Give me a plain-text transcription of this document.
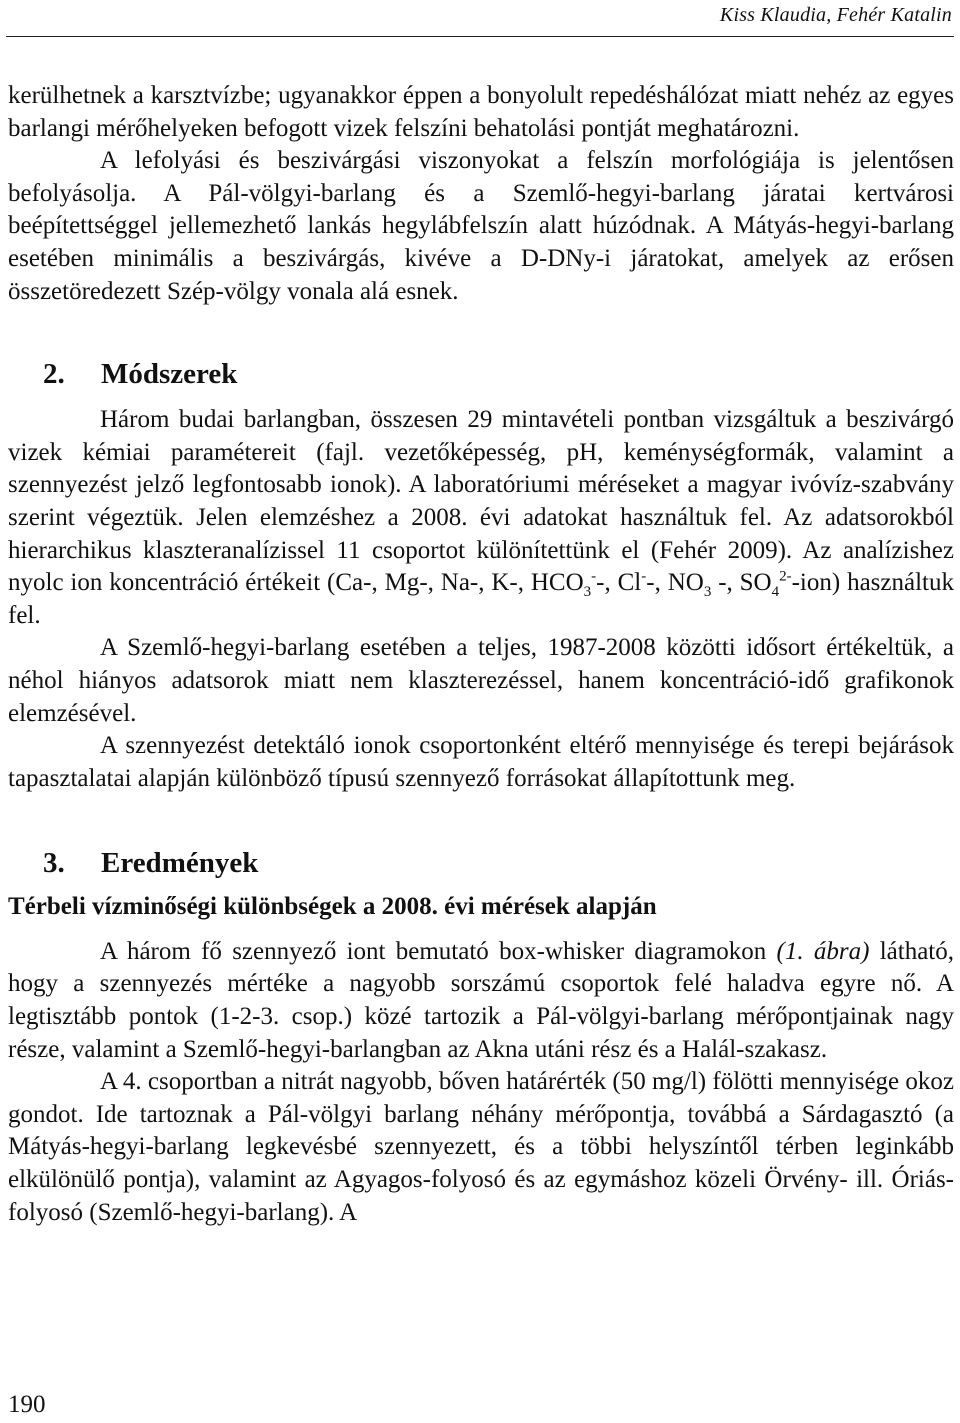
Kiss Klaudia, Fehér Katalin

kerülhetnek a karsztvízbe; ugyanakkor éppen a bonyolult repedéshálózat miatt nehéz az egyes barlangi mérőhelyeken befogott vizek felszíni behatolási pontját meghatározni.

A lefolyási és beszivárgási viszonyokat a felszín morfológiája is jelentősen befolyásolja. A Pál-völgyi-barlang és a Szemlő-hegyi-barlang járatai kertvárosi beépítettséggel jellemezhető lankás hegylábfelszín alatt húzódnak. A Mátyás-hegyi-barlang esetében minimális a beszivárgás, kivéve a D-DNy-i járatokat, amelyek az erősen összetöredezett Szép-völgy vonala alá esnek.

2. Módszerek

Három budai barlangban, összesen 29 mintavételi pontban vizsgáltuk a beszivárgó vizek kémiai paramétereit (fajl. vezetőképesség, pH, keménységformák, valamint a szennyezést jelző legfontosabb ionok). A laboratóriumi méréseket a magyar ivóvíz-szabvány szerint végeztük. Jelen elemzéshez a 2008. évi adatokat használtuk fel. Az adatsorokból hierarchikus klaszteranalízissel 11 csoportot különítettünk el (Fehér 2009). Az analízishez nyolc ion koncentráció értékeit (Ca-, Mg-, Na-, K-, $HCO_3^--$, Cl--, $NO_3$ -, $SO_4^{2-}-ion$) használtuk fel.

A Szemlő-hegyi-barlang esetében a teljes, 1987-2008 közötti idősort értékeltük, a néhol hiányos adatsorok miatt nem klaszterezéssel, hanem koncentráció-idő grafikonok elemzésével.

A szennyezést detektáló ionok csoportonként eltérő mennyisége és terepi bejárások tapasztalatai alapján különböző típusú szennyező forrásokat állapítottunk meg.

3. Eredmények
Térbeli vízminőségi különbségek a 2008. évi mérések alapján

A három fő szennyező iont bemutató box-whisker diagramokon (1. ábra) látható, hogy a szennyezés mértéke a nagyobb sorszámú csoportok felé haladva egyre nő. A legtisztább pontok (1-2-3. csop.) közé tartozik a Pál-völgyi-barlang mérőpontjainak nagy része, valamint a Szemlő-hegyi-barlangban az Akna utáni rész és a Halál-szakasz.

A 4. csoportban a nitrát nagyobb, bőven határérték (50 mg/l) fölötti mennyisége okoz gondot. Ide tartoznak a Pál-völgyi barlang néhány mérőpontja, továbbá a Sárdagasztó (a Mátyás-hegyi-barlang legkevésbé szennyezett, és a többi helyszíntől térben leginkább elkülönülő pontja), valamint az Agyagos-folyosó és az egymáshoz közeli Örvény- ill. Óriás-folyosó (Szemlő-hegyi-barlang). A

190
